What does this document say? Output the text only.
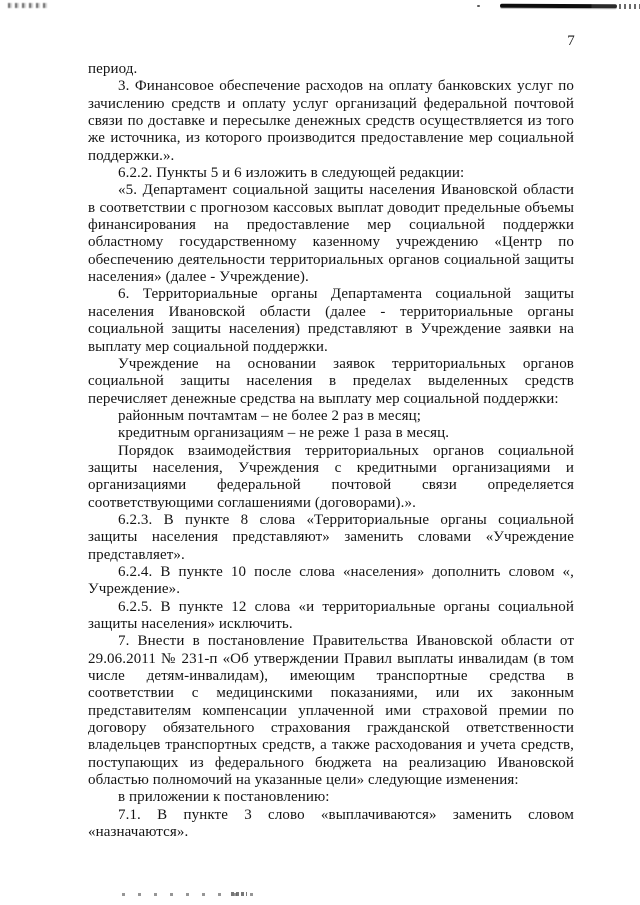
7

период.

3. Финансовое обеспечение расходов на оплату банковских услуг по зачислению средств и оплату услуг организаций федеральной почтовой связи по доставке и пересылке денежных средств осуществляется из того же источника, из которого производится предоставление мер социальной поддержки.».

6.2.2. Пункты 5 и 6 изложить в следующей редакции:

«5. Департамент социальной защиты населения Ивановской области в соответствии с прогнозом кассовых выплат доводит предельные объемы финансирования на предоставление мер социальной поддержки областному государственному казенному учреждению «Центр по обеспечению деятельности территориальных органов социальной защиты населения» (далее - Учреждение).

6. Территориальные органы Департамента социальной защиты населения Ивановской области (далее - территориальные органы социальной защиты населения) представляют в Учреждение заявки на выплату мер социальной поддержки.

Учреждение на основании заявок территориальных органов социальной защиты населения в пределах выделенных средств перечисляет денежные средства на выплату мер социальной поддержки:

районным почтамтам – не более 2 раз в месяц;

кредитным организациям – не реже 1 раза в месяц.

Порядок взаимодействия территориальных органов социальной защиты населения, Учреждения с кредитными организациями и организациями федеральной почтовой связи определяется соответствующими соглашениями (договорами).».

6.2.3. В пункте 8 слова «Территориальные органы социальной защиты населения представляют» заменить словами «Учреждение представляет».

6.2.4. В пункте 10 после слова «населения» дополнить словом «, Учреждение».

6.2.5. В пункте 12 слова «и территориальные органы социальной защиты населения» исключить.

7. Внести в постановление Правительства Ивановской области от 29.06.2011 № 231-п «Об утверждении Правил выплаты инвалидам (в том числе детям-инвалидам), имеющим транспортные средства в соответствии с медицинскими показаниями, или их законным представителям компенсации уплаченной ими страховой премии по договору обязательного страхования гражданской ответственности владельцев транспортных средств, а также расходования и учета средств, поступающих из федерального бюджета на реализацию Ивановской областью полномочий на указанные цели» следующие изменения:

в приложении к постановлению:

7.1. В пункте 3 слово «выплачиваются» заменить словом «назначаются».
